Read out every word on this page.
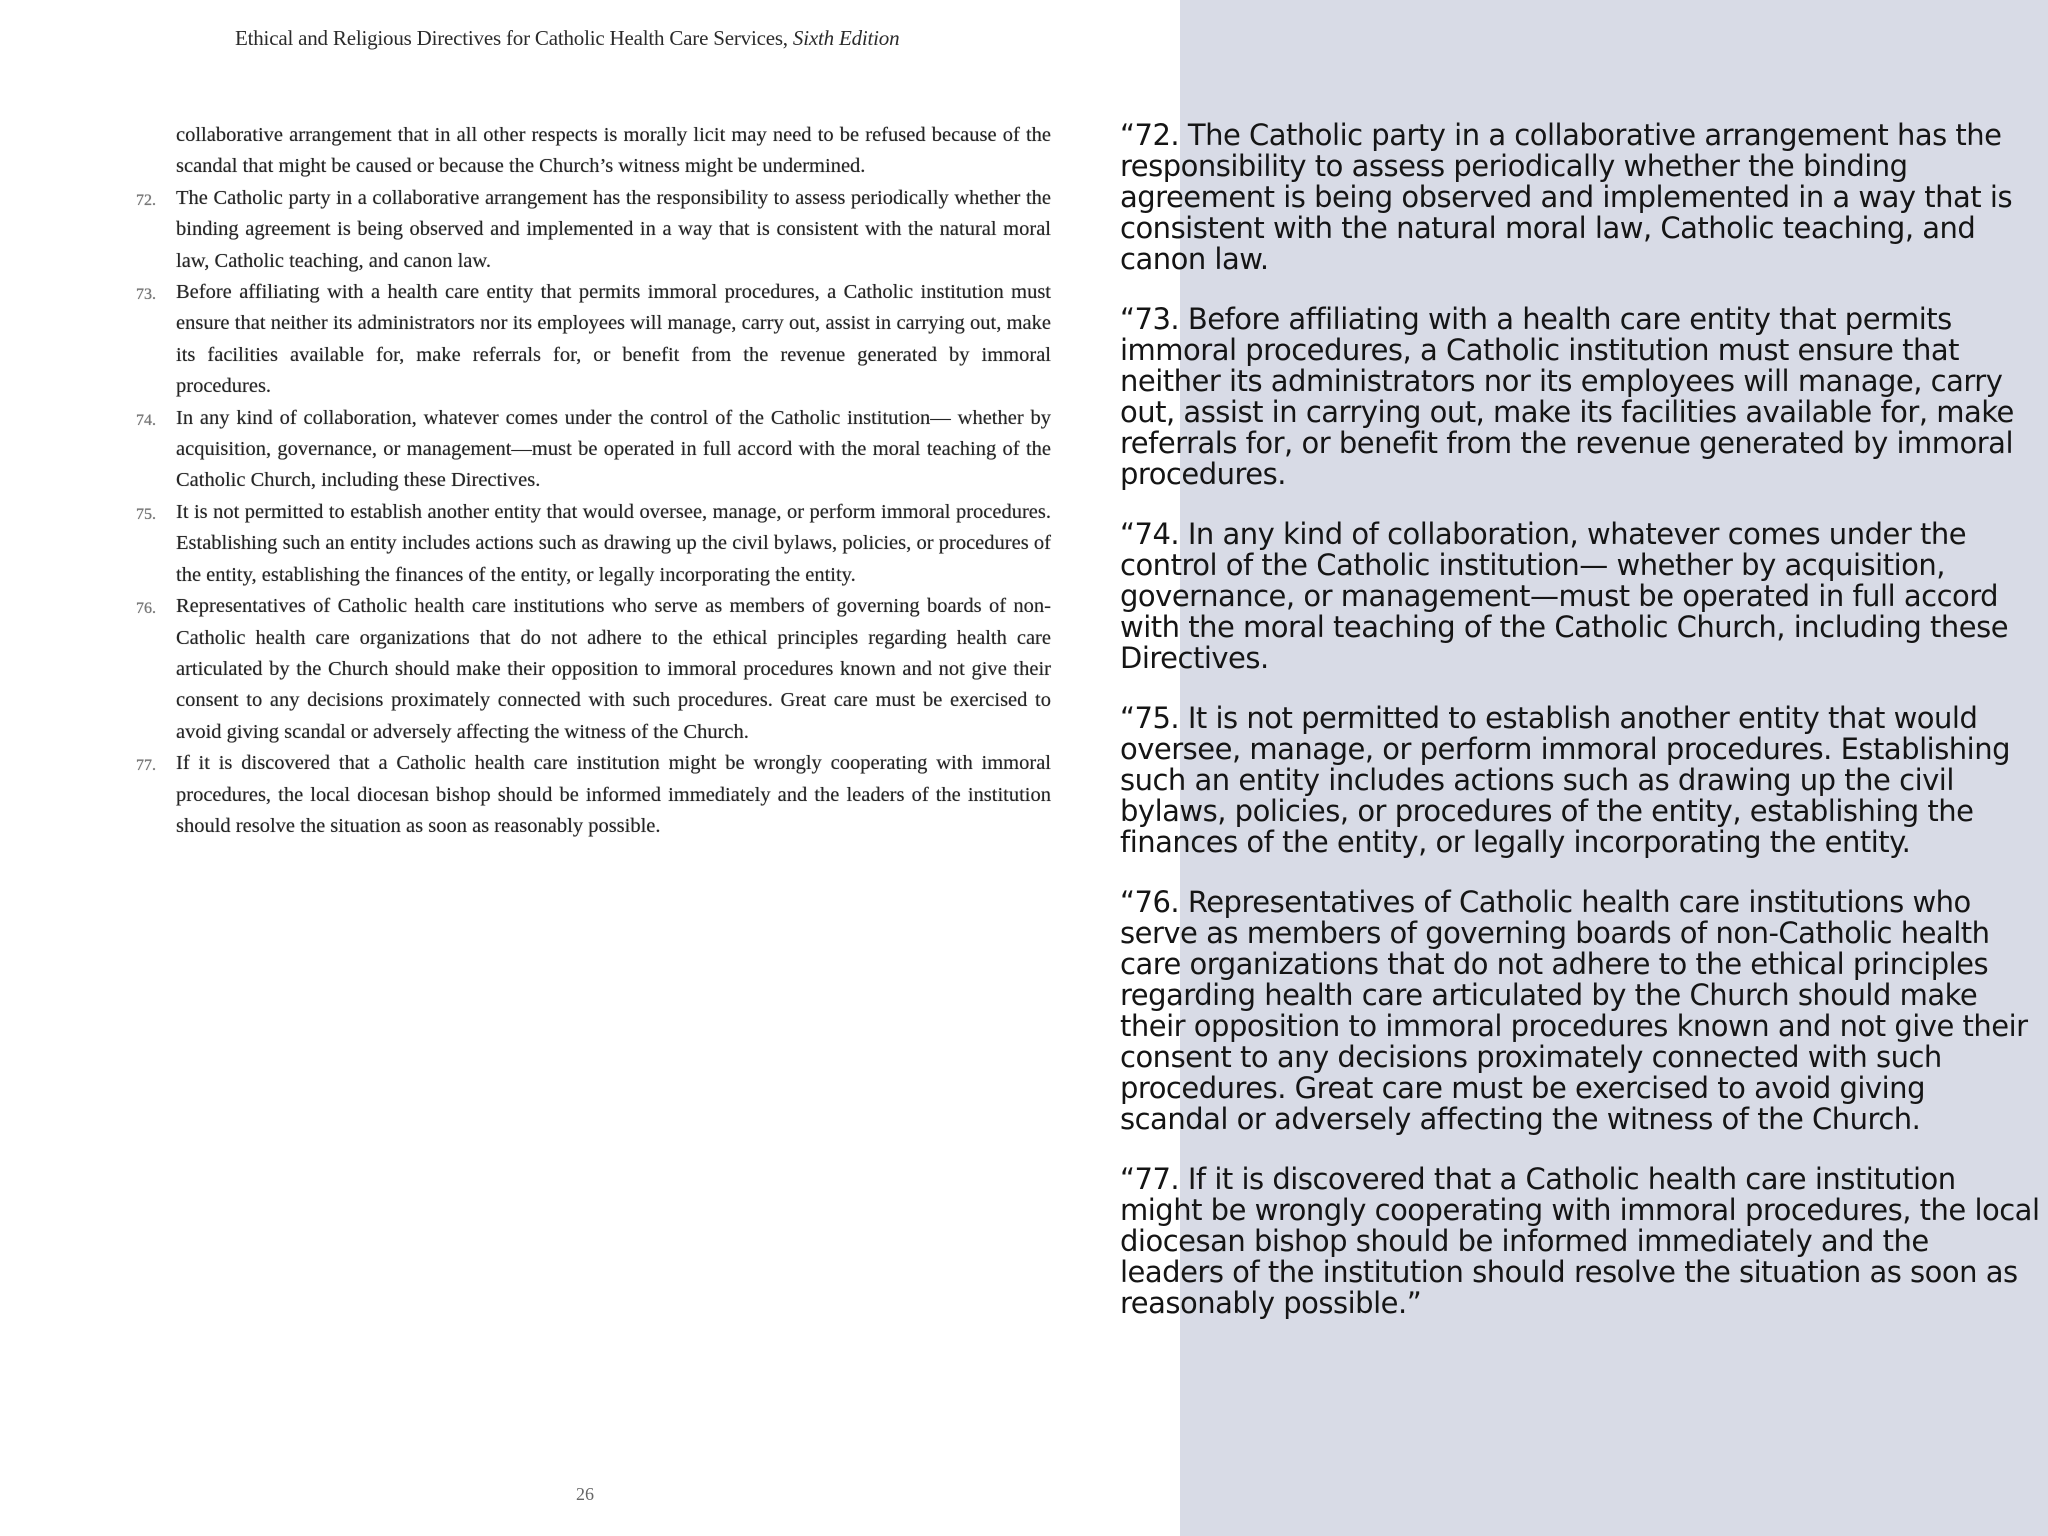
Ethical and Religious Directives for Catholic Health Care Services, Sixth Edition
collaborative arrangement that in all other respects is morally licit may need to be refused because of the scandal that might be caused or because the Church’s witness might be undermined.
72. The Catholic party in a collaborative arrangement has the responsibility to assess periodically whether the binding agreement is being observed and implemented in a way that is consistent with the natural moral law, Catholic teaching, and canon law.
73. Before affiliating with a health care entity that permits immoral procedures, a Catholic institution must ensure that neither its administrators nor its employees will manage, carry out, assist in carrying out, make its facilities available for, make referrals for, or benefit from the revenue generated by immoral procedures.
74. In any kind of collaboration, whatever comes under the control of the Catholic institution— whether by acquisition, governance, or management—must be operated in full accord with the moral teaching of the Catholic Church, including these Directives.
75. It is not permitted to establish another entity that would oversee, manage, or perform immoral procedures. Establishing such an entity includes actions such as drawing up the civil bylaws, policies, or procedures of the entity, establishing the finances of the entity, or legally incorporating the entity.
76. Representatives of Catholic health care institutions who serve as members of governing boards of non-Catholic health care organizations that do not adhere to the ethical principles regarding health care articulated by the Church should make their opposition to immoral procedures known and not give their consent to any decisions proximately connected with such procedures. Great care must be exercised to avoid giving scandal or adversely affecting the witness of the Church.
77. If it is discovered that a Catholic health care institution might be wrongly cooperating with immoral procedures, the local diocesan bishop should be informed immediately and the leaders of the institution should resolve the situation as soon as reasonably possible.
26

“72. The Catholic party in a collaborative arrangement has the responsibility to assess periodically whether the binding agreement is being observed and implemented in a way that is consistent with the natural moral law, Catholic teaching, and canon law.

“73. Before affiliating with a health care entity that permits immoral procedures, a Catholic institution must ensure that neither its administrators nor its employees will manage, carry out, assist in carrying out, make its facilities available for, make referrals for, or benefit from the revenue generated by immoral procedures.

“74. In any kind of collaboration, whatever comes under the control of the Catholic institution— whether by acquisition, governance, or management—must be operated in full accord with the moral teaching of the Catholic Church, including these Directives.

“75. It is not permitted to establish another entity that would oversee, manage, or perform immoral procedures. Establishing such an entity includes actions such as drawing up the civil bylaws, policies, or procedures of the entity, establishing the finances of the entity, or legally incorporating the entity.

“76. Representatives of Catholic health care institutions who serve as members of governing boards of non-Catholic health care organizations that do not adhere to the ethical principles regarding health care articulated by the Church should make their opposition to immoral procedures known and not give their consent to any decisions proximately connected with such procedures. Great care must be exercised to avoid giving scandal or adversely affecting the witness of the Church.

“77. If it is discovered that a Catholic health care institution might be wrongly cooperating with immoral procedures, the local diocesan bishop should be informed immediately and the leaders of the institution should resolve the situation as soon as reasonably possible.”
